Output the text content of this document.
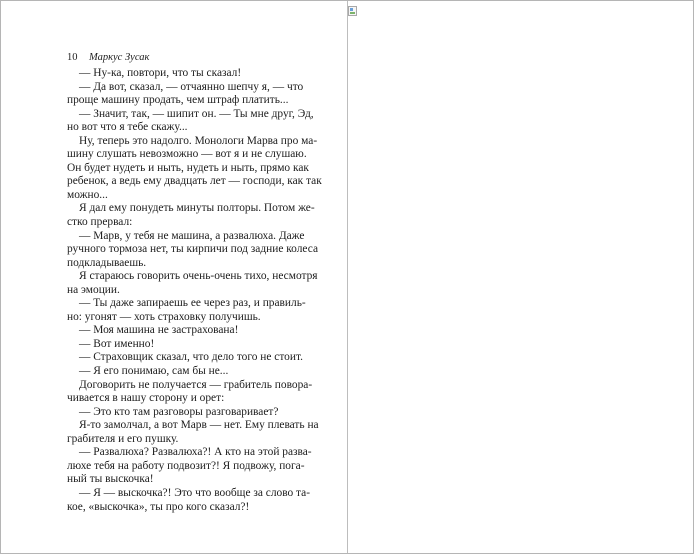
10 Маркус Зусак
— Ну-ка, повтори, что ты сказал!
— Да вот, сказал, — отчаянно шепчу я, — что
проще машину продать, чем штраф платить...
— Значит, так, — шипит он. — Ты мне друг, Эд,
но вот что я тебе скажу...
Ну, теперь это надолго. Монологи Марва про ма-
шину слушать невозможно — вот я и не слушаю.
Он будет нудеть и ныть, нудеть и ныть, прямо как
ребенок, а ведь ему двадцать лет — господи, как так
можно...
Я дал ему понудеть минуты полторы. Потом же-
стко прервал:
— Марв, у тебя не машина, а развалюха. Даже
ручного тормоза нет, ты кирпичи под задние колеса
подкладываешь.
Я стараюсь говорить очень-очень тихо, несмотря
на эмоции.
— Ты даже запираешь ее через раз, и правиль-
но: угонят — хоть страховку получишь.
— Моя машина не застрахована!
— Вот именно!
— Страховщик сказал, что дело того не стоит.
— Я его понимаю, сам бы не...
Договорить не получается — грабитель повора-
чивается в нашу сторону и орет:
— Это кто там разговоры разговаривает?
Я-то замолчал, а вот Марв — нет. Ему плевать на
грабителя и его пушку.
— Развалюха? Развалюха?! А кто на этой разва-
люхе тебя на работу подвозит?! Я подвожу, пога-
ный ты выскочка!
— Я — выскочка?! Это что вообще за слово та-
кое, «выскочка», ты про кого сказал?!
